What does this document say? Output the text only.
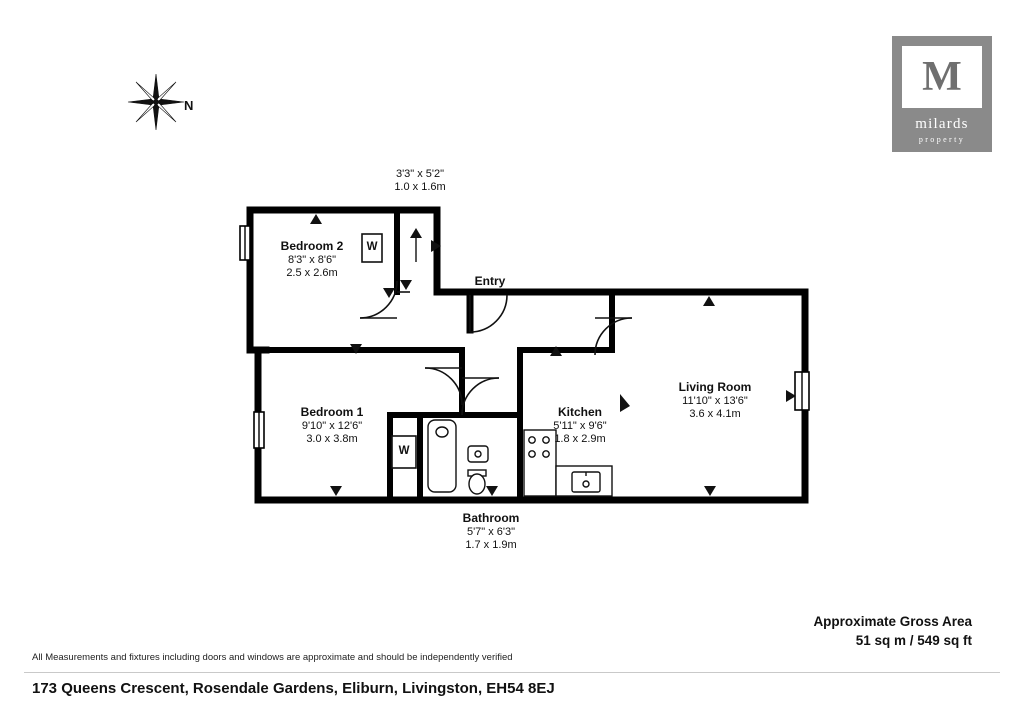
M
milards
property
N
3'3" x 5'2"
1.0 x 1.6m
Bedroom 2
8'3" x 8'6"
2.5 x 2.6m
Entry
Living Room
11'10" x 13'6"
3.6 x 4.1m
Kitchen
5'11" x 9'6"
1.8 x 2.9m
Bedroom 1
9'10" x 12'6"
3.0 x 3.8m
Bathroom
5'7" x 6'3"
1.7 x 1.9m
W
W
Approximate Gross Area
51 sq m / 549 sq ft
All Measurements and fixtures including doors and windows are approximate and should be independently verified
173 Queens Crescent, Rosendale Gardens, Eliburn, Livingston, EH54 8EJ
